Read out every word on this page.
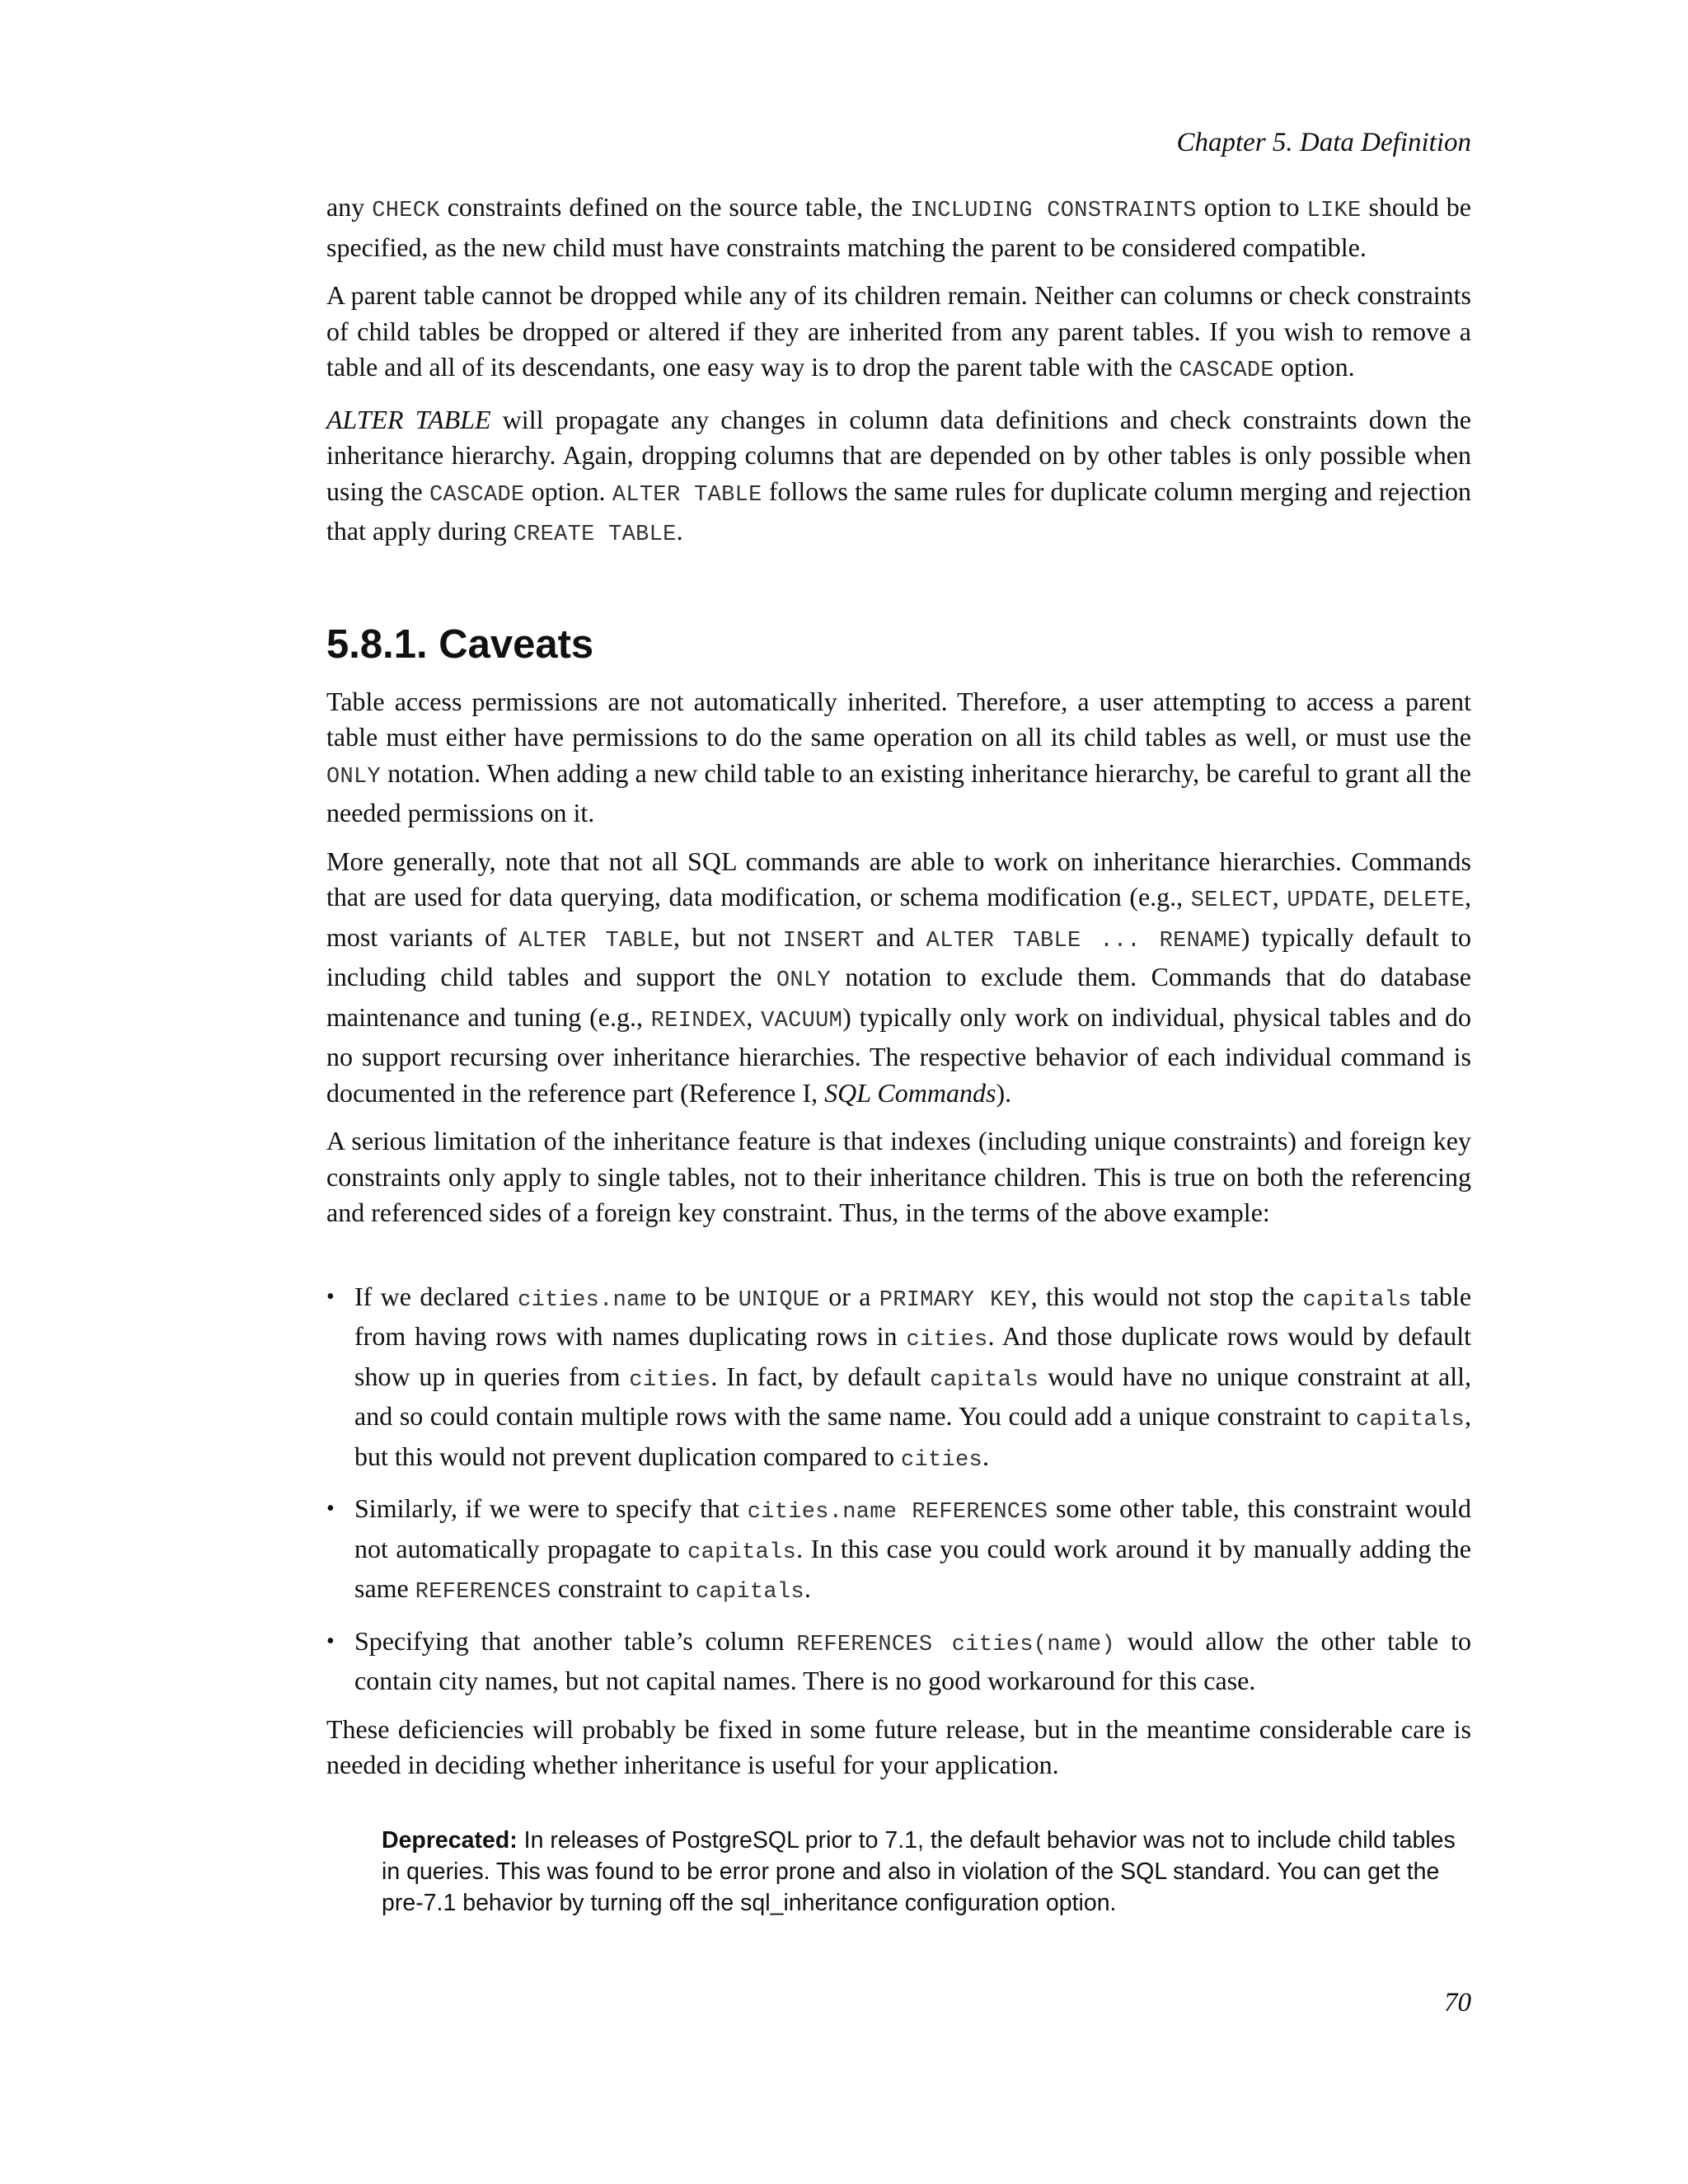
Chapter 5. Data Definition

any CHECK constraints defined on the source table, the INCLUDING CONSTRAINTS option to LIKE should be specified, as the new child must have constraints matching the parent to be considered compatible.

A parent table cannot be dropped while any of its children remain. Neither can columns or check constraints of child tables be dropped or altered if they are inherited from any parent tables. If you wish to remove a table and all of its descendants, one easy way is to drop the parent table with the CASCADE option.

ALTER TABLE will propagate any changes in column data definitions and check constraints down the inheritance hierarchy. Again, dropping columns that are depended on by other tables is only possible when using the CASCADE option. ALTER TABLE follows the same rules for duplicate column merging and rejection that apply during CREATE TABLE.

5.8.1. Caveats

Table access permissions are not automatically inherited. Therefore, a user attempting to access a parent table must either have permissions to do the same operation on all its child tables as well, or must use the ONLY notation. When adding a new child table to an existing inheritance hierarchy, be careful to grant all the needed permissions on it.

More generally, note that not all SQL commands are able to work on inheritance hierarchies. Commands that are used for data querying, data modification, or schema modification (e.g., SELECT, UPDATE, DELETE, most variants of ALTER TABLE, but not INSERT and ALTER TABLE ... RENAME) typically default to including child tables and support the ONLY notation to exclude them. Commands that do database maintenance and tuning (e.g., REINDEX, VACUUM) typically only work on individual, physical tables and do no support recursing over inheritance hierarchies. The respective behavior of each individual command is documented in the reference part (Reference I, SQL Commands).

A serious limitation of the inheritance feature is that indexes (including unique constraints) and foreign key constraints only apply to single tables, not to their inheritance children. This is true on both the referencing and referenced sides of a foreign key constraint. Thus, in the terms of the above example:

• If we declared cities.name to be UNIQUE or a PRIMARY KEY, this would not stop the capitals table from having rows with names duplicating rows in cities. And those duplicate rows would by default show up in queries from cities. In fact, by default capitals would have no unique constraint at all, and so could contain multiple rows with the same name. You could add a unique constraint to capitals, but this would not prevent duplication compared to cities.
• Similarly, if we were to specify that cities.name REFERENCES some other table, this constraint would not automatically propagate to capitals. In this case you could work around it by manually adding the same REFERENCES constraint to capitals.
• Specifying that another table’s column REFERENCES cities(name) would allow the other table to contain city names, but not capital names. There is no good workaround for this case.

These deficiencies will probably be fixed in some future release, but in the meantime considerable care is needed in deciding whether inheritance is useful for your application.

Deprecated: In releases of PostgreSQL prior to 7.1, the default behavior was not to include child tables in queries. This was found to be error prone and also in violation of the SQL standard. You can get the pre-7.1 behavior by turning off the sql_inheritance configuration option.
70
